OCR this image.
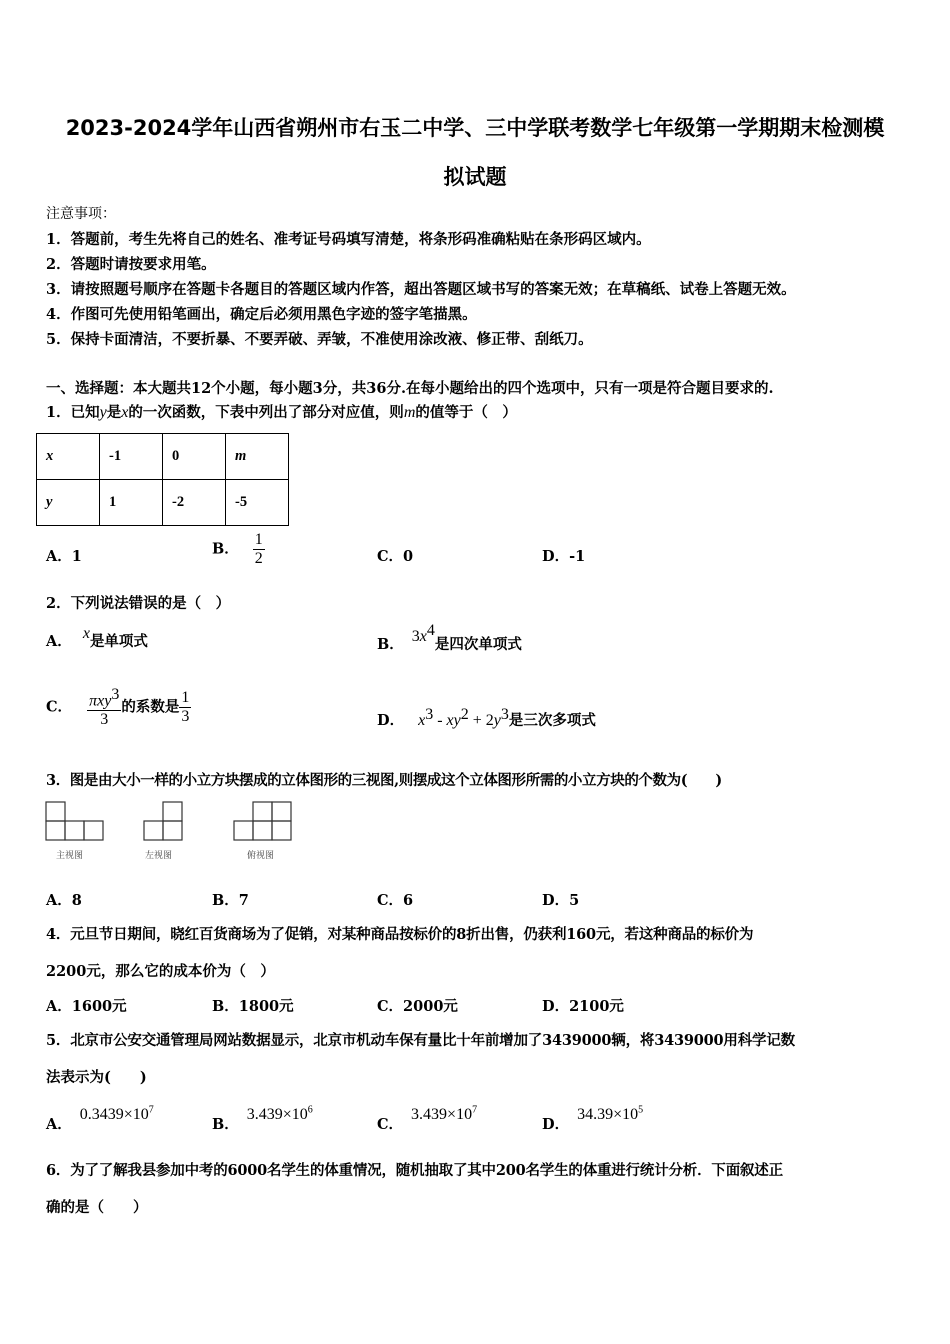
2023-2024学年山西省朔州市右玉二中学、三中学联考数学七年级第一学期期末检测模
拟试题
注意事项：
1．答题前，考生先将自己的姓名、准考证号码填写清楚，将条形码准确粘贴在条形码区域内。
2．答题时请按要求用笔。
3．请按照题号顺序在答题卡各题目的答题区域内作答，超出答题区域书写的答案无效；在草稿纸、试卷上答题无效。
4．作图可先使用铅笔画出，确定后必须用黑色字迹的签字笔描黑。
5．保持卡面清洁，不要折暴、不要弄破、弄皱，不准使用涂改液、修正带、刮纸刀。
一、选择题：本大题共12个小题，每小题3分，共36分.在每小题给出的四个选项中，只有一项是符合题目要求的.
1．已知y是x的一次函数，下表中列出了部分对应值，则m的值等于（　）
x	-1	0	m
y	1	-2	-5
A．1	B． $\frac{1}{2}$	C．0	D．-1
2．下列说法错误的是（　）
A． x是单项式	B． $3x^4$是四次单项式
C． $\frac{\pi xy^3}{3}$ 的系数是 $\frac{1}{3}$	D． $x^3 - xy^2 + 2y^3$是三次多项式
3．图是由大小一样的小立方块摆成的立体图形的三视图,则摆成这个立体图形所需的小立方块的个数为(　　)
主视图	左视图	俯视图
A．8	B．7	C．6	D．5
4．元旦节日期间，晓红百货商场为了促销，对某种商品按标价的8折出售，仍获利160元，若这种商品的标价为
2200元，那么它的成本价为（　）
A．1600元	B．1800元	C．2000元	D．2100元
5．北京市公安交通管理局网站数据显示，北京市机动车保有量比十年前增加了3439000辆，将3439000用科学记数
法表示为(　　)
A．$0.3439\times 10^7$
B．$3.439\times 10^6$
C．$3.439\times 10^7$
D．$34.39\times 10^5$
6．为了了解我县参加中考的6000名学生的体重情况，随机抽取了其中200名学生的体重进行统计分析．下面叙述正
确的是（　　）
